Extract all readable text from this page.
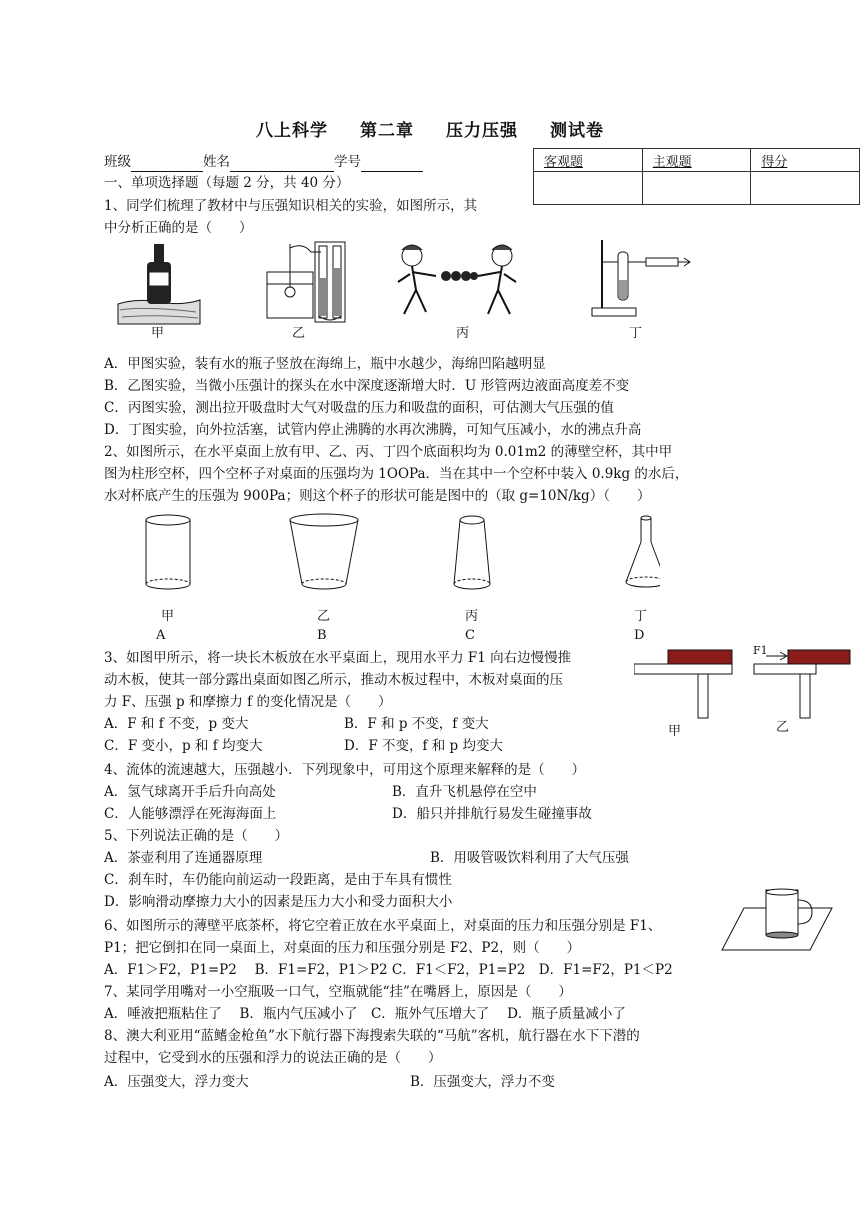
八上科学 第二章 压力压强 测试卷
班级	姓名	学号	客观题	主观题	得分

一、单项选择题（每题 2 分，共 40 分）
1、同学们梳理了教材中与压强知识相关的实验，如图所示，其
中分析正确的是（　　）
甲	乙	丙	丁
A．甲图实验，装有水的瓶子竖放在海绵上，瓶中水越少，海绵凹陷越明显
B．乙图实验，当微小压强计的探头在水中深度逐渐增大时．U 形管两边液面高度差不变
C．丙图实验，测出拉开吸盘时大气对吸盘的压力和吸盘的面积，可估测大气压强的值
D．丁图实验，向外拉活塞，试管内停止沸腾的水再次沸腾，可知气压减小，水的沸点升高
2、如图所示，在水平桌面上放有甲、乙、丙、丁四个底面积均为 0.01m2 的薄壁空杯，其中甲
图为柱形空杯，四个空杯子对桌面的压强均为 1OOPa．当在其中一个空杯中装入 0.9kg 的水后，
水对杯底产生的压强为 900Pa；则这个杯子的形状可能是图中的（取 g=10N/kg）（　　）
甲	乙	丙	丁
A	B	C	D
3、如图甲所示，将一块长木板放在水平桌面上，现用水平力 F1 向右边慢慢推
动木板，使其一部分露出桌面如图乙所示，推动木板过程中，木板对桌面的压
力 F、压强 p 和摩擦力 f 的变化情况是（　　）
A．F 和 f 不变，p 变大	B．F 和 p 不变，f 变大
C．F 变小，p 和 f 均变大	D．F 不变，f 和 p 均变大
F1
甲	乙
4、流体的流速越大，压强越小．下列现象中，可用这个原理来解释的是（　　）
A．氢气球离开手后升向高处	B．直升飞机悬停在空中
C．人能够漂浮在死海海面上	D．船只并排航行易发生碰撞事故
5、下列说法正确的是（　　）
A．茶壶利用了连通器原理	B．用吸管吸饮料利用了大气压强
C．刹车时，车仍能向前运动一段距离，是由于车具有惯性
D．影响滑动摩擦力大小的因素是压力大小和受力面积大小
6、如图所示的薄壁平底茶杯，将它空着正放在水平桌面上，对桌面的压力和压强分别是 F1、
P1；把它倒扣在同一桌面上，对桌面的压力和压强分别是 F2、P2，则（　　）
A．F1＞F2，P1=P2　 B．F1=F2，P1＞P2 C．F1＜F2，P1=P2　D．F1=F2，P1＜P2
7、某同学用嘴对一小空瓶吸一口气，空瓶就能“挂”在嘴唇上，原因是（　　）
A．唾液把瓶粘住了　 B．瓶内气压减小了　C．瓶外气压增大了　 D．瓶子质量减小了
8、澳大利亚用“蓝鳍金枪鱼”水下航行器下海搜索失联的“马航”客机，航行器在水下下潜的
过程中，它受到水的压强和浮力的说法正确的是（　　）
A．压强变大，浮力变大	B．压强变大，浮力不变
